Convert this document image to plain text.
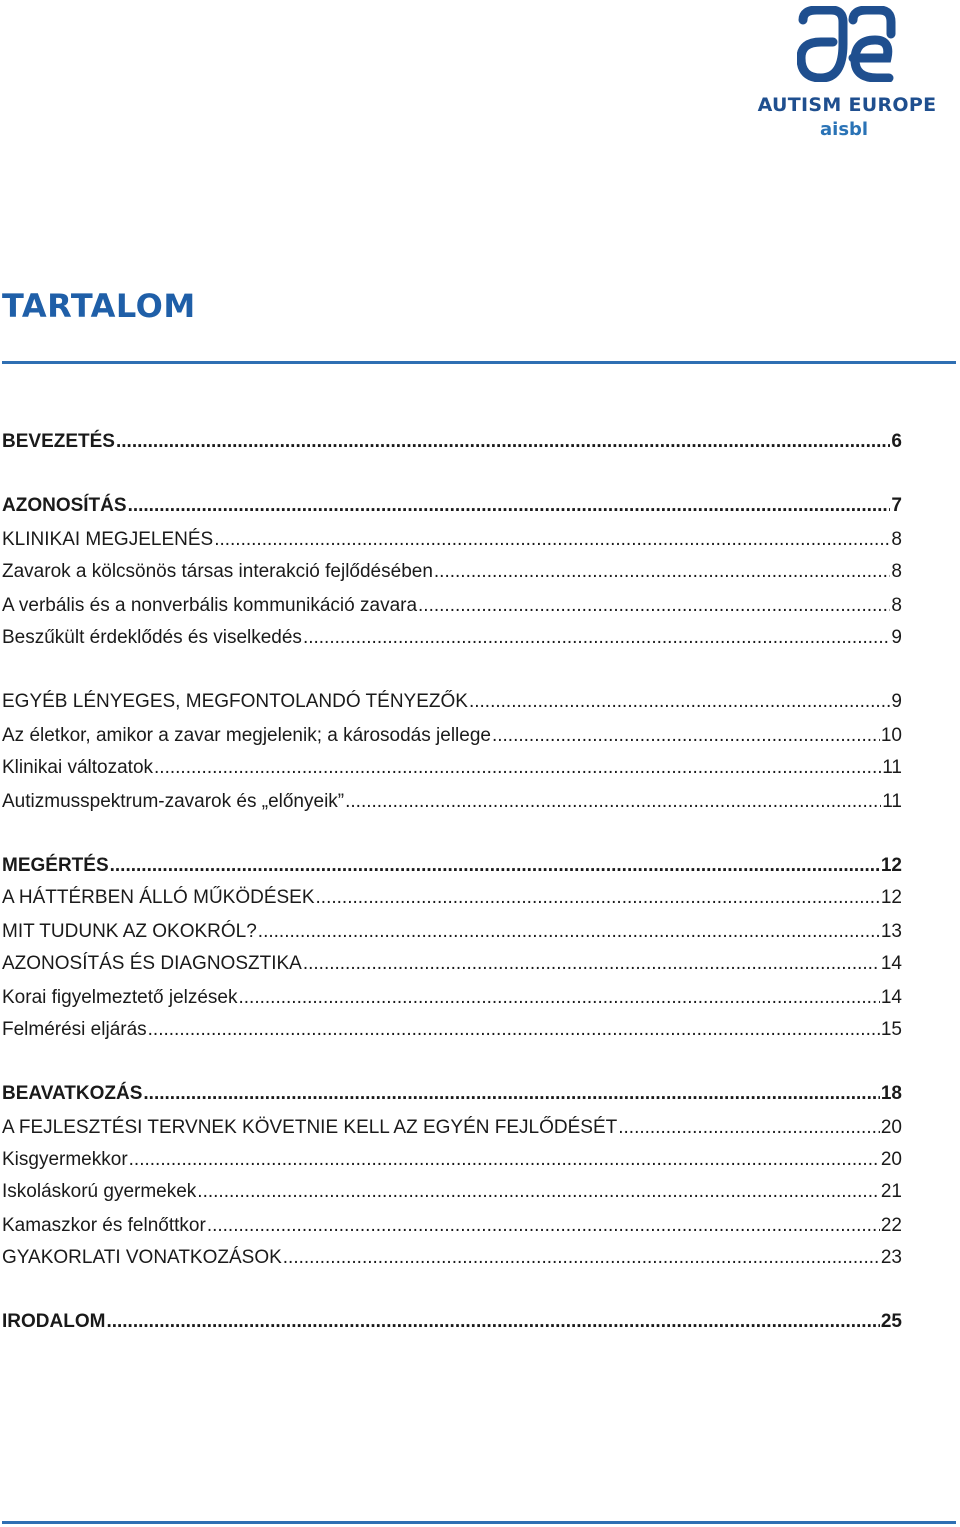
AUTISM EUROPE
aisbl
TARTALOM
BEVEZETÉS .....	6
AZONOSÍTÁS .....	7
KLINIKAI MEGJELENÉS .....	8
Zavarok a kölcsönös társas interakció fejlődésében .....	8
A verbális és a nonverbális kommunikáció zavara .....	8
Beszűkült érdeklődés és viselkedés .....	9
EGYÉB LÉNYEGES, MEGFONTOLANDÓ TÉNYEZŐK .....	9
Az életkor, amikor a zavar megjelenik; a károsodás jellege .....	10
Klinikai változatok .....	11
Autizmusspektrum-zavarok és „előnyeik” .....	11
MEGÉRTÉS .....	12
A HÁTTÉRBEN ÁLLÓ MŰKÖDÉSEK .....	12
MIT TUDUNK AZ OKOKRÓL? .....	13
AZONOSÍTÁS ÉS DIAGNOSZTIKA .....	14
Korai figyelmeztető jelzések .....	14
Felmérési eljárás .....	15
BEAVATKOZÁS .....	18
A FEJLESZTÉSI TERVNEK KÖVETNIE KELL AZ EGYÉN FEJLŐDÉSÉT .....	20
Kisgyermekkor .....	20
Iskoláskorú gyermekek .....	21
Kamaszkor és felnőttkor .....	22
GYAKORLATI VONATKOZÁSOK .....	23
IRODALOM .....	25
